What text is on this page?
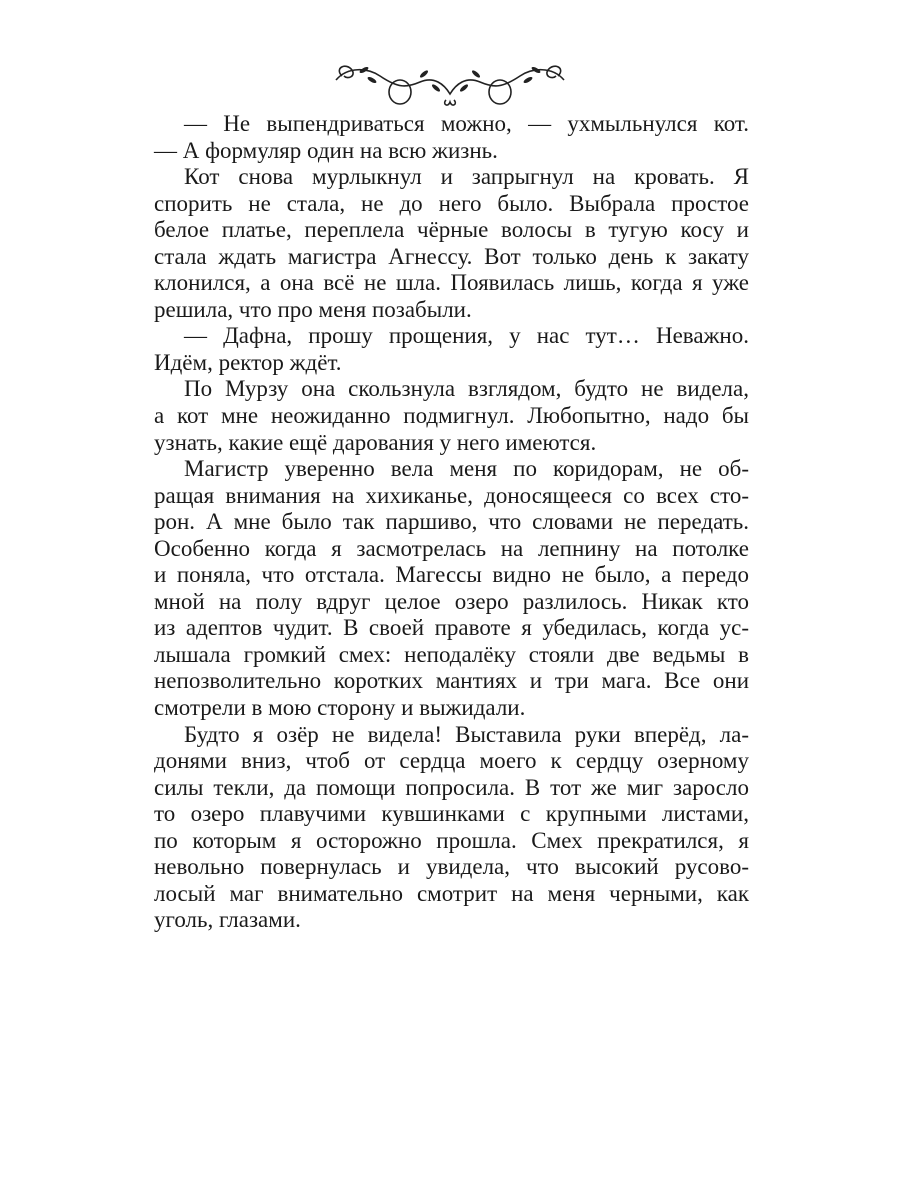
— Не выпендриваться можно, — ухмыльнулся кот.
— А формуляр один на всю жизнь.
Кот снова мурлыкнул и запрыгнул на кровать. Я
спорить не стала, не до него было. Выбрала простое
белое платье, переплела чёрные волосы в тугую косу и
стала ждать магистра Агнессу. Вот только день к закату
клонился, а она всё не шла. Появилась лишь, когда я уже
решила, что про меня позабыли.
— Дафна, прошу прощения, у нас тут… Неважно.
Идём, ректор ждёт.
По Мурзу она скользнула взглядом, будто не видела,
а кот мне неожиданно подмигнул. Любопытно, надо бы
узнать, какие ещё дарования у него имеются.
Магистр уверенно вела меня по коридорам, не об-
ращая внимания на хихиканье, доносящееся со всех сто-
рон. А мне было так паршиво, что словами не передать.
Особенно когда я засмотрелась на лепнину на потолке
и поняла, что отстала. Магессы видно не было, а передо
мной на полу вдруг целое озеро разлилось. Никак кто
из адептов чудит. В своей правоте я убедилась, когда ус-
лышала громкий смех: неподалёку стояли две ведьмы в
непозволительно коротких мантиях и три мага. Все они
смотрели в мою сторону и выжидали.
Будто я озёр не видела! Выставила руки вперёд, ла-
донями вниз, чтоб от сердца моего к сердцу озерному
силы текли, да помощи попросила. В тот же миг заросло
то озеро плавучими кувшинками с крупными листами,
по которым я осторожно прошла. Смех прекратился, я
невольно повернулась и увидела, что высокий русово-
лосый маг внимательно смотрит на меня черными, как
уголь, глазами.
